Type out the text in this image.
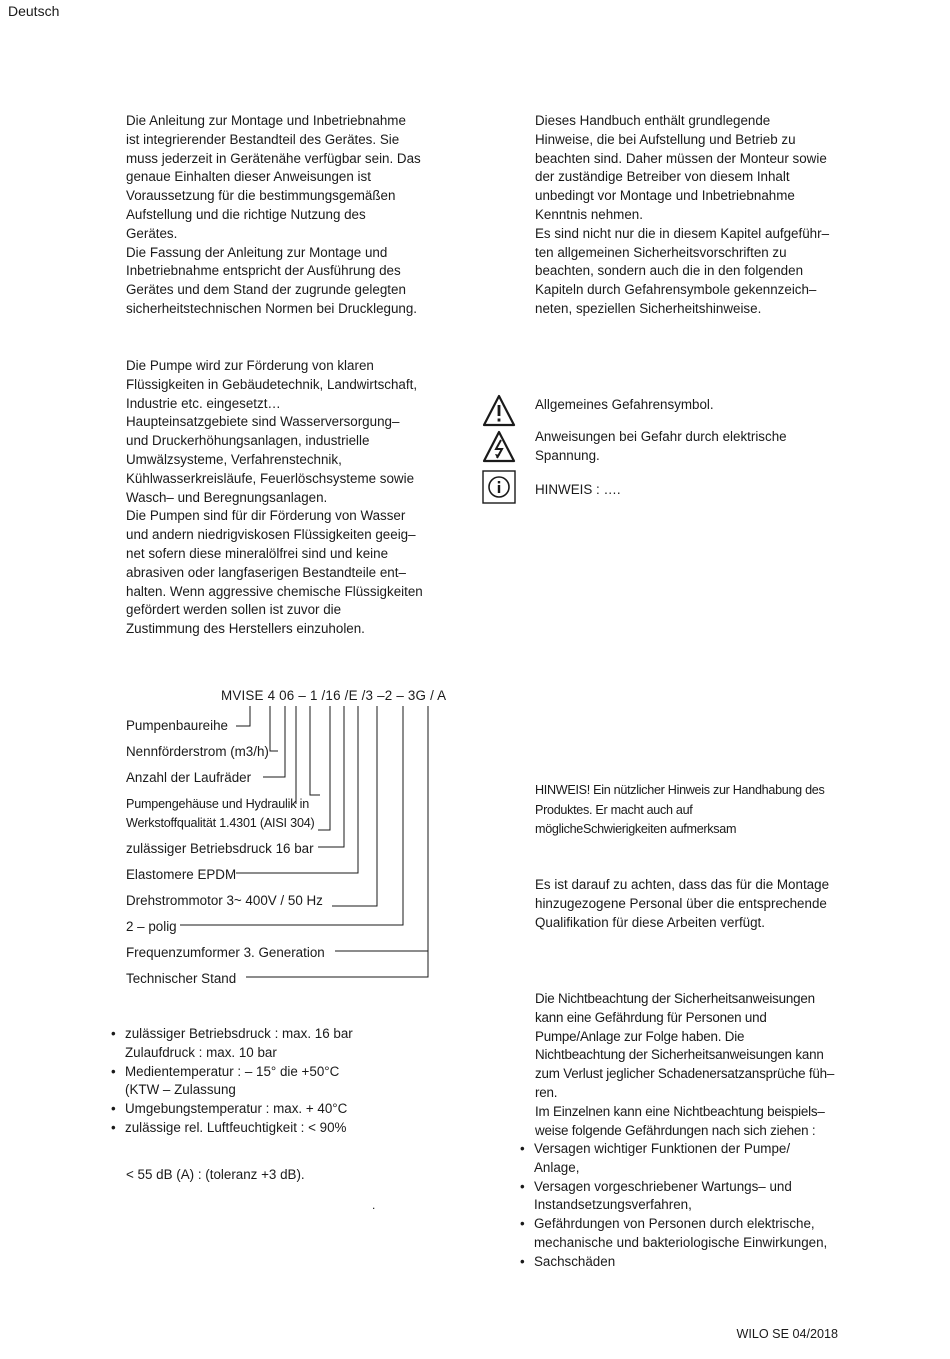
Deutsch
Die Anleitung zur Montage und Inbetriebnahme
ist integrierender Bestandteil des Gerätes. Sie
muss jederzeit in Gerätenähe verfügbar sein. Das
genaue Einhalten dieser Anweisungen ist
Voraussetzung für die bestimmungsgemäßen
Aufstellung und die richtige Nutzung des
Gerätes.
Die Fassung der Anleitung zur Montage und
Inbetriebnahme entspricht der Ausführung des
Gerätes und dem Stand der zugrunde gelegten
sicherheitstechnischen Normen bei Drucklegung.
Die Pumpe wird zur Förderung von klaren
Flüssigkeiten in Gebäudetechnik, Landwirtschaft,
Industrie etc. eingesetzt…
Haupteinsatzgebiete sind Wasserversorgung–
und Druckerhöhungsanlagen, industrielle
Umwälzsysteme, Verfahrenstechnik,
Kühlwasserkreisläufe, Feuerlöschsysteme sowie
Wasch– und Beregnungsanlagen.
Die Pumpen sind für dir Förderung von Wasser
und andern niedrigviskosen Flüssigkeiten geeig–
net sofern diese mineralölfrei sind und keine
abrasiven oder langfaserigen Bestandteile ent–
halten. Wenn aggressive chemische Flüssigkeiten
gefördert werden sollen ist zuvor die
Zustimmung des Herstellers einzuholen.
MVISE 4 06 – 1 /16 /E /3 –2 – 3G / A
Pumpenbaureihe
Nennförderstrom (m3/h)
Anzahl der Laufräder
Pumpengehäuse und Hydraulik in
Werkstoffqualität 1.4301 (AISI 304)
zulässiger Betriebsdruck 16 bar
Elastomere EPDM
Drehstrommotor 3~ 400V / 50 Hz
2 – polig
Frequenzumformer 3. Generation
Technischer Stand
• zulässiger Betriebsdruck : max. 16 bar
Zulaufdruck : max. 10 bar
• Medientemperatur : – 15° die +50°C
(KTW – Zulassung
• Umgebungstemperatur : max. + 40°C
• zulässige rel. Luftfeuchtigkeit : < 90%
< 55 dB (A) : (toleranz +3 dB).
.
Dieses Handbuch enthält grundlegende
Hinweise, die bei Aufstellung und Betrieb zu
beachten sind. Daher müssen der Monteur sowie
der zuständige Betreiber von diesem Inhalt
unbedingt vor Montage und Inbetriebnahme
Kenntnis nehmen.
Es sind nicht nur die in diesem Kapitel aufgeführ–
ten allgemeinen Sicherheitsvorschriften zu
beachten, sondern auch die in den folgenden
Kapiteln durch Gefahrensymbole gekennzeich–
neten, speziellen Sicherheitshinweise.
Allgemeines Gefahrensymbol.
Anweisungen bei Gefahr durch elektrische
Spannung.
HINWEIS : ….
HINWEIS! Ein nützlicher Hinweis zur Handhabung des
Produktes. Er macht auch auf
möglicheSchwierigkeiten aufmerksam
Es ist darauf zu achten, dass das für die Montage
hinzugezogene Personal über die entsprechende
Qualifikation für diese Arbeiten verfügt.
Die Nichtbeachtung der Sicherheitsanweisungen
kann eine Gefährdung für Personen und
Pumpe/Anlage zur Folge haben. Die
Nichtbeachtung der Sicherheitsanweisungen kann
zum Verlust jeglicher Schadenersatzansprüche füh–
ren.
Im Einzelnen kann eine Nichtbeachtung beispiels–
weise folgende Gefährdungen nach sich ziehen :
• Versagen wichtiger Funktionen der Pumpe/
Anlage,
• Versagen vorgeschriebener Wartungs– und
Instandsetzungsverfahren,
• Gefährdungen von Personen durch elektrische,
mechanische und bakteriologische Einwirkungen,
• Sachschäden
WILO SE 04/2018
